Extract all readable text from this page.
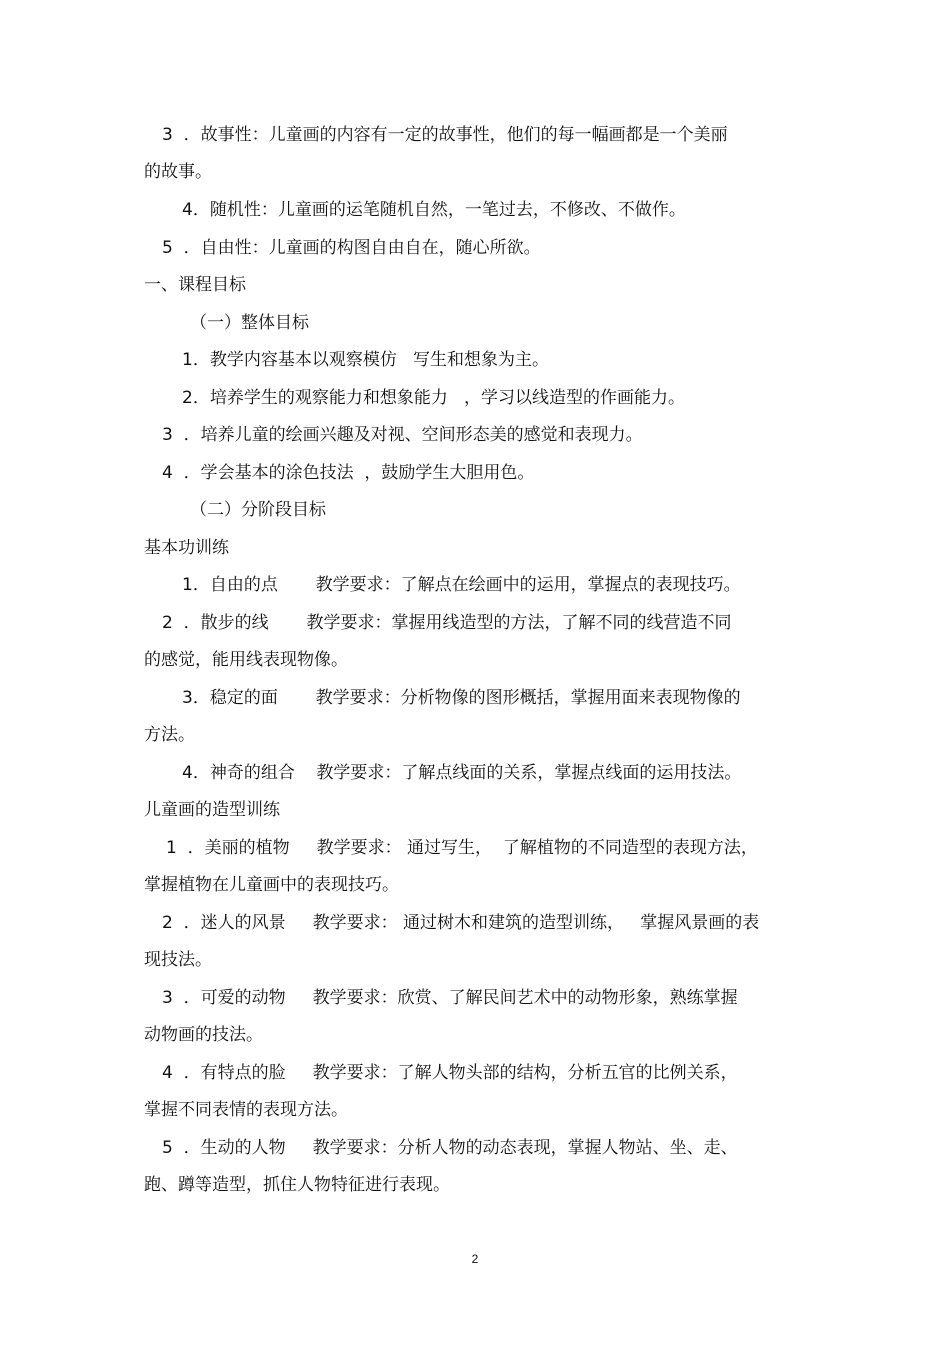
3  ．故事性：儿童画的内容有一定的故事性，他们的每一幅画都是一个美丽
的故事。
4．随机性：儿童画的运笔随机自然，一笔过去，不修改、不做作。
5  ．自由性：儿童画的构图自由自在，随心所欲。
一、课程目标
（一）整体目标
1．教学内容基本以观察模仿   写生和想象为主。
2．培养学生的观察能力和想象能力   ，学习以线造型的作画能力。
3  ．培养儿童的绘画兴趣及对视、空间形态美的感觉和表现力。
4  ．学会基本的涂色技法  ，鼓励学生大胆用色。
（二）分阶段目标
基本功训练
1．自由的点       教学要求：了解点在绘画中的运用，掌握点的表现技巧。
2  ．散步的线       教学要求：掌握用线造型的方法，了解不同的线营造不同
的感觉，能用线表现物像。
3．稳定的面       教学要求：分析物像的图形概括，掌握用面来表现物像的
方法。
4．神奇的组合    教学要求：了解点线面的关系，掌握点线面的运用技法。
儿童画的造型训练
1  ．美丽的植物     教学要求： 通过写生，  了解植物的不同造型的表现方法，
掌握植物在儿童画中的表现技巧。
2  ．迷人的风景     教学要求： 通过树木和建筑的造型训练，   掌握风景画的表
现技法。
3  ．可爱的动物     教学要求：欣赏、了解民间艺术中的动物形象，熟练掌握
动物画的技法。
4  ．有特点的脸     教学要求：了解人物头部的结构，分析五官的比例关系，
掌握不同表情的表现方法。
5  ．生动的人物     教学要求：分析人物的动态表现，掌握人物站、坐、走、
跑、蹲等造型，抓住人物特征进行表现。
2
